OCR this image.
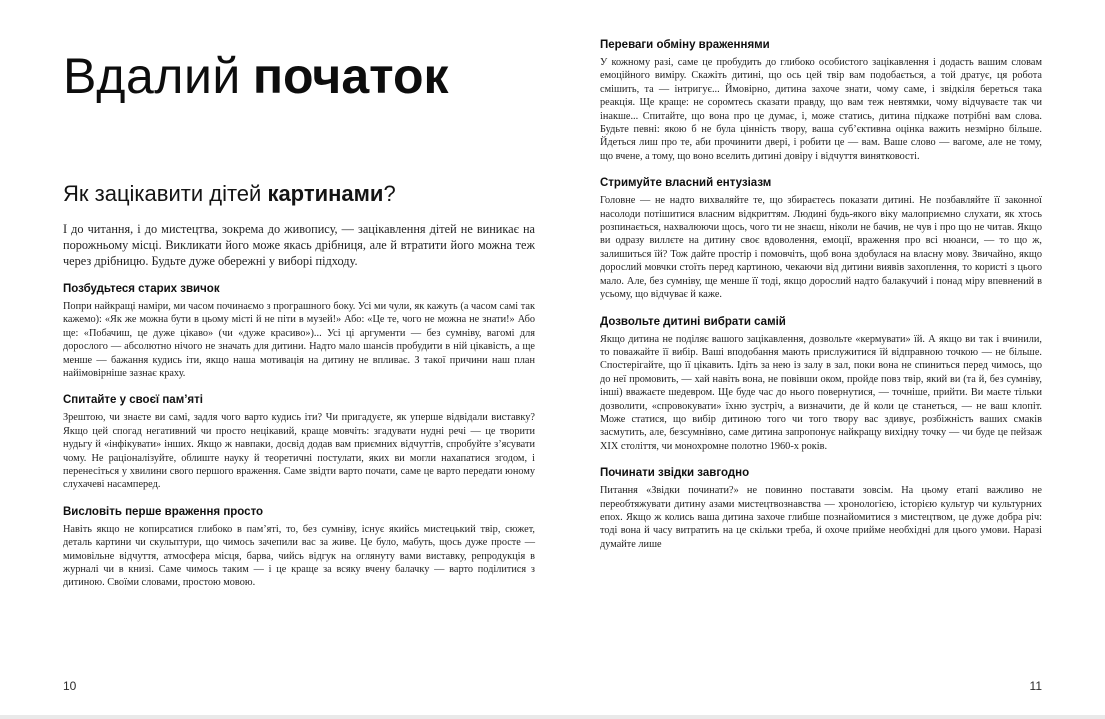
Вдалий початок
Як зацікавити дітей картинами?

І до читання, і до мистецтва, зокрема до живопису, — зацікавлення дітей не виникає на порожньому місці. Викликати його може якась дрібниця, але й втратити його можна теж через дрібницю. Будьте дуже обережні у виборі підходу.

Позбудьтеся старих звичок

Попри найкращі наміри, ми часом починаємо з програшного боку. Усі ми чули, як кажуть (а часом самі так кажемо): «Як же можна бути в цьому місті й не піти в музей!» Або: «Це те, чого не можна не знати!» Або ще: «Побачиш, це дуже цікаво» (чи «дуже красиво»)... Усі ці аргументи — без сумніву, вагомі для дорослого — абсолютно нічого не значать для дитини. Надто мало шансів пробудити в ній цікавість, а ще менше — бажання кудись іти, якщо наша мотивація на дитину не впливає. З такої причини наш план найімовірніше зазнає краху.

Спитайте у своєї пам’яті

Зрештою, чи знаєте ви самі, задля чого варто кудись іти? Чи пригадуєте, як уперше відвідали виставку? Якщо цей спогад негативний чи просто нецікавий, краще мовчіть: згадувати нудні речі — це творити нудьгу й «інфікувати» інших. Якщо ж навпаки, досвід додав вам приємних відчуттів, спробуйте з’ясувати чому. Не раціоналізуйте, облиште науку й теоретичні постулати, яких ви могли нахапатися згодом, і перенесіться у хвилини свого першого враження. Саме звідти варто почати, саме це варто передати юному слухачеві насамперед.

Висловіть перше враження просто

Навіть якщо не копирсатися глибоко в пам’яті, то, без сумніву, існує якийсь мистецький твір, сюжет, деталь картини чи скульптури, що чимось зачепили вас за живе. Це було, мабуть, щось дуже просте — мимовільне відчуття, атмосфера місця, барва, чийсь відгук на оглянуту вами виставку, репродукція в журналі чи в книзі. Саме чимось таким — і це краще за всяку вчену балачку — варто поділитися з дитиною. Своїми словами, простою мовою.

10
Переваги обміну враженнями

У кожному разі, саме це пробудить до глибоко особистого зацікавлення і додасть вашим словам емоційного виміру. Скажіть дитині, що ось цей твір вам подобається, а той дратує, ця робота смішить, та — інтригує... Ймовірно, дитина захоче знати, чому саме, і звідкіля береться така реакція. Ще краще: не соромтесь сказати правду, що вам теж невтямки, чому відчуваєте так чи інакше... Спитайте, що вона про це думає, і, може статись, дитина підкаже потрібні вам слова. Будьте певні: якою б не була цінність твору, ваша суб’єктивна оцінка важить незмірно більше. Йдеться лиш про те, аби прочинити двері, і робити це — вам. Ваше слово — вагоме, але не тому, що вчене, а тому, що воно вселить дитині довіру і відчуття винятковості.

Стримуйте власний ентузіазм

Головне — не надто вихваляйте те, що збираєтесь показати дитині. Не позбавляйте її законної насолоди потішитися власним відкриттям. Людині будь-якого віку малоприємно слухати, як хтось розпинається, нахвалюючи щось, чого ти не знаєш, ніколи не бачив, не чув і про що не читав. Якщо ви одразу виллєте на дитину своє вдоволення, емоції, враження про всі нюанси, — то що ж, залишиться їй? Тож дайте простір і помовчіть, щоб вона здобулася на власну мову. Звичайно, якщо дорослий мовчки стоїть перед картиною, чекаючи від дитини виявів захоплення, то користі з цього мало. Але, без сумніву, ще менше її тоді, якщо дорослий надто балакучий і понад міру впевнений в усьому, що відчуває й каже.

Дозвольте дитині вибрати самій

Якщо дитина не поділяє вашого зацікавлення, дозвольте «кермувати» їй. А якщо ви так і вчинили, то поважайте її вибір. Ваші вподобання мають прислужитися їй відправною точкою — не більше. Спостерігайте, що її цікавить. Ідіть за нею із залу в зал, поки вона не спиниться перед чимось, що до неї промовить, — хай навіть вона, не повівши оком, пройде повз твір, який ви (та й, без сумніву, інші) вважаєте шедевром. Ще буде час до нього повернутися, — точніше, прийти. Ви маєте тільки дозволити, «спровокувати» їхню зустріч, а визначити, де й коли це станеться, — не ваш клопіт. Може статися, що вибір дитиною того чи того твору вас здивує, розбіжність ваших смаків засмутить, але, безсумнівно, саме дитина запропонує найкращу вихідну точку — чи буде це пейзаж XIX століття, чи монохромне полотно 1960-х років.

Починати звідки завгодно

Питання «Звідки починати?» не повинно поставати зовсім. На цьому етапі важливо не переобтяжувати дитину азами мистецтвознавства — хронологією, історією культур чи культурних епох. Якщо ж колись ваша дитина захоче глибше познайомитися з мистецтвом, це дуже добра річ: тоді вона й часу витратить на це скільки треба, й охоче прийме необхідні для цього умови. Наразі думайте лише

11
